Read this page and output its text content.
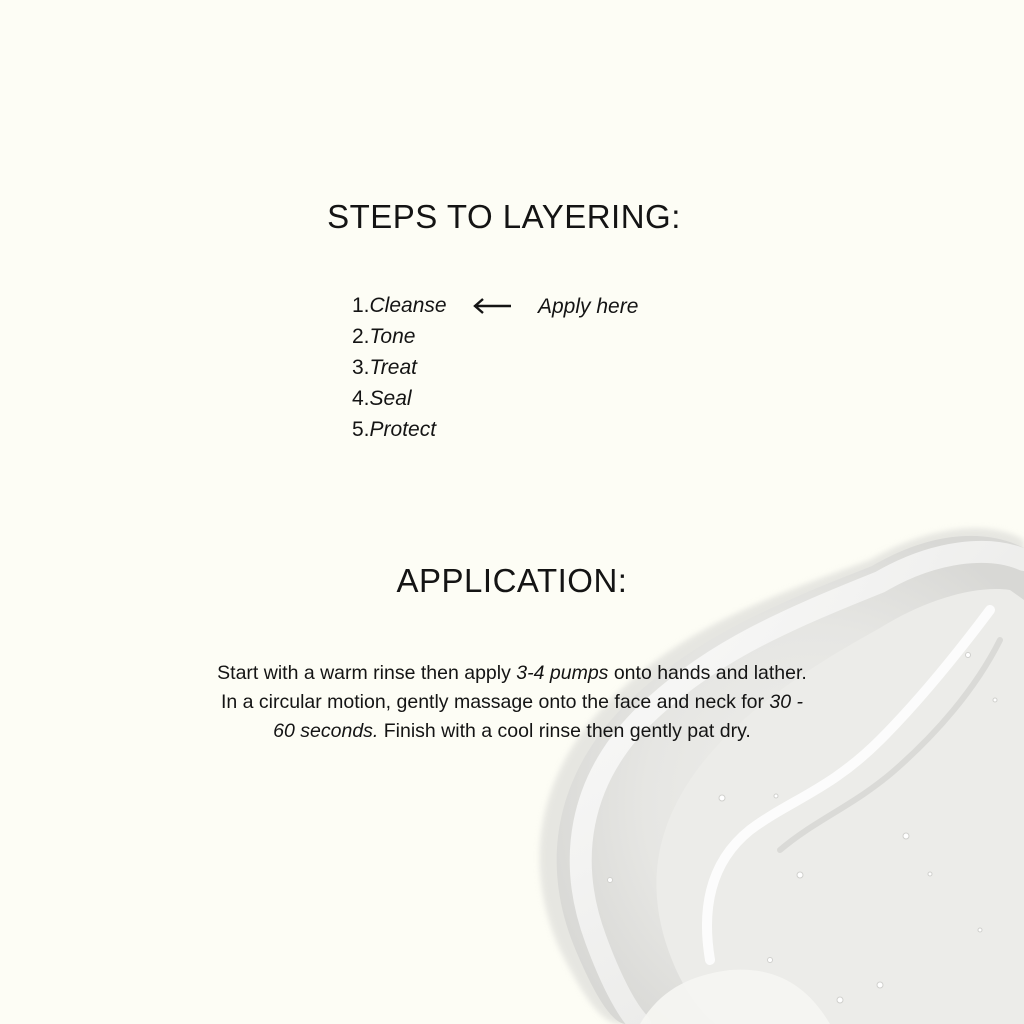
STEPS TO LAYERING:
1.Cleanse
2.Tone
3.Treat
4.Seal
5.Protect
Apply here
APPLICATION:

Start with a warm rinse then apply 3-4 pumps onto hands and lather.
In a circular motion, gently massage onto the face and neck for 30 -
60 seconds. Finish with a cool rinse then gently pat dry.
